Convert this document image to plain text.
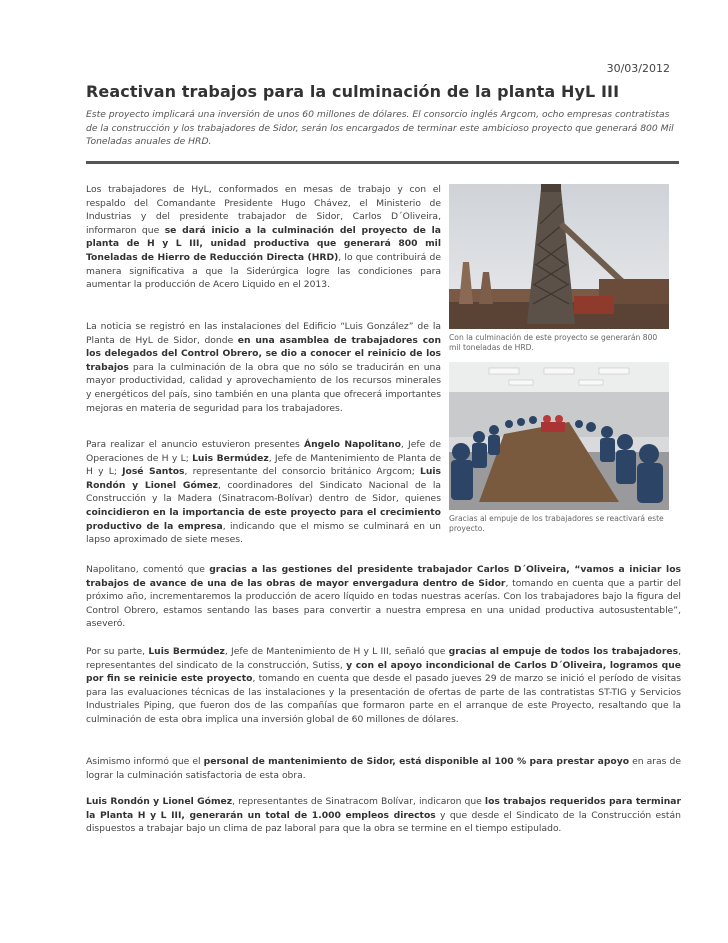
30/03/2012
Reactivan trabajos para la culminación de la planta HyL III

Este proyecto implicará una inversión de unos 60 millones de dólares. El consorcio inglés Argcom, ocho empresas contratistas de la construcción y los trabajadores de Sidor, serán los encargados de terminar este ambicioso proyecto que generará 800 Mil Toneladas anuales de HRD.

Los trabajadores de HyL, conformados en mesas de trabajo y con el respaldo del Comandante Presidente Hugo Chávez, el Ministerio de Industrias y del presidente trabajador de Sidor, Carlos D´Oliveira, informaron que se dará inicio a la culminación del proyecto de la planta de H y L III, unidad productiva que generará 800 mil Toneladas de Hierro de Reducción Directa (HRD), lo que contribuirá de manera significativa a que la Siderúrgica logre las condiciones para aumentar la producción de Acero Liquido en el 2013.

La noticia se registró en las instalaciones del Edificio “Luis González” de la Planta de HyL de Sidor, donde en una asamblea de trabajadores con los delegados del Control Obrero, se dio a conocer el reinicio de los trabajos para la culminación de la obra que no sólo se traducirán en una mayor productividad, calidad y aprovechamiento de los recursos minerales y energéticos del país, sino también en una planta que ofrecerá importantes mejoras en materia de seguridad para los trabajadores.

Para realizar el anuncio estuvieron presentes Ángelo Napolitano, Jefe de Operaciones de H y L; Luis Bermúdez, Jefe de Mantenimiento de Planta de H y L; José Santos, representante del consorcio británico Argcom; Luis Rondón y Lionel Gómez, coordinadores del Sindicato Nacional de la Construcción y la Madera (Sinatracom-Bolívar) dentro de Sidor, quienes coincidieron en la importancia de este proyecto para el crecimiento productivo de la empresa, indicando que el mismo se culminará en un lapso aproximado de siete meses.

Con la culminación de este proyecto se generarán 800 mil toneladas de HRD.

Gracias al empuje de los trabajadores se reactivará este proyecto.

Napolitano, comentó que gracias a las gestiones del presidente trabajador Carlos D´Oliveira, “vamos a iniciar los trabajos de avance de una de las obras de mayor envergadura dentro de Sidor, tomando en cuenta que a partir del próximo año, incrementaremos la producción de acero líquido en todas nuestras acerías. Con los trabajadores bajo la figura del Control Obrero, estamos sentando las bases para convertir a nuestra empresa en una unidad productiva autosustentable”, aseveró.

Por su parte, Luis Bermúdez, Jefe de Mantenimiento de H y L III, señaló que gracias al empuje de todos los trabajadores, representantes del sindicato de la construcción, Sutiss, y con el apoyo incondicional de Carlos D´Oliveira, logramos que por fin se reinicie este proyecto, tomando en cuenta que desde el pasado jueves 29 de marzo se inició el período de visitas para las evaluaciones técnicas de las instalaciones y la presentación de ofertas de parte de las contratistas ST-TIG y Servicios Industriales Piping, que fueron dos de las compañías que formaron parte en el arranque de este Proyecto, resaltando que la culminación de esta obra implica una inversión global de 60 millones de dólares.

Asimismo informó que el personal de mantenimiento de Sidor, está disponible al 100 % para prestar apoyo en aras de lograr la culminación satisfactoria de esta obra.

Luis Rondón y Lionel Gómez, representantes de Sinatracom Bolívar, indicaron que los trabajos requeridos para terminar la Planta H y L III, generarán un total de 1.000 empleos directos y que desde el Sindicato de la Construcción están dispuestos a trabajar bajo un clima de paz laboral para que la obra se termine en el tiempo estipulado.
